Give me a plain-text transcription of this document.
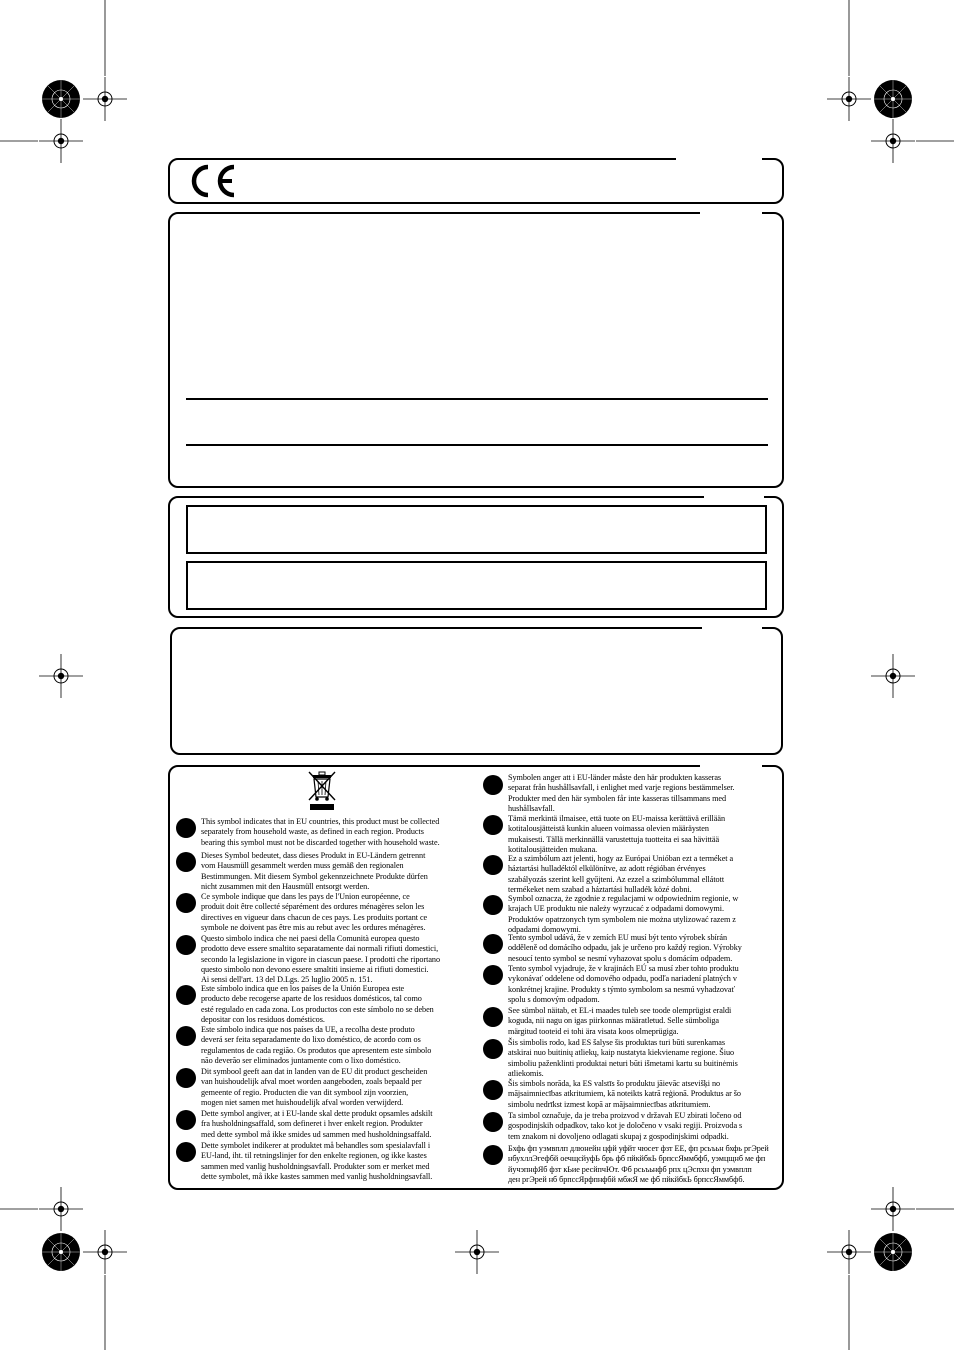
This symbol indicates that in EU countries, this product must be collected
separately from household waste, as defined in each region. Products
bearing this symbol must not be discarded together with household waste.
Dieses Symbol bedeutet, dass dieses Produkt in EU-Ländern getrennt
vom Hausmüll gesammelt werden muss gemäß den regionalen
Bestimmungen. Mit diesem Symbol gekennzeichnete Produkte dürfen
nicht zusammen mit den Hausmüll entsorgt werden.
Ce symbole indique que dans les pays de l'Union européenne, ce
produit doit être collecté séparément des ordures ménagères selon les
directives en vigueur dans chacun de ces pays. Les produits portant ce
symbole ne doivent pas être mis au rebut avec les ordures ménagères.
Questo simbolo indica che nei paesi della Comunità europea questo
prodotto deve essere smaltito separatamente dai normali rifiuti domestici,
secondo la legislazione in vigore in ciascun paese. I prodotti che riportano
questo simbolo non devono essere smaltiti insieme ai rifiuti domestici.
Ai sensi dell'art. 13 del D.Lgs. 25 luglio 2005 n. 151.
Este símbolo indica que en los países de la Unión Europea este
producto debe recogerse aparte de los residuos domésticos, tal como
esté regulado en cada zona. Los productos con este símbolo no se deben
depositar con los residuos domésticos.
Este símbolo indica que nos países da UE, a recolha deste produto
deverá ser feita separadamente do lixo doméstico, de acordo com os
regulamentos de cada região. Os produtos que apresentem este símbolo
não deverão ser eliminados juntamente com o lixo doméstico.
Dit symbool geeft aan dat in landen van de EU dit product gescheiden
van huishoudelijk afval moet worden aangeboden, zoals bepaald per
gemeente of regio. Producten die van dit symbool zijn voorzien,
mogen niet samen met huishoudelijk afval worden verwijderd.
Dette symbol angiver, at i EU-lande skal dette produkt opsamles adskilt
fra husholdningsaffald, som defineret i hver enkelt region. Produkter
med dette symbol må ikke smides ud sammen med husholdningsaffald.
Dette symbolet indikerer at produktet må behandles som spesialavfall i
EU-land, iht. til retningslinjer for den enkelte regionen, og ikke kastes
sammen med vanlig husholdningsavfall. Produkter som er merket med
dette symbolet, må ikke kastes sammen med vanlig husholdningsavfall.
Symbolen anger att i EU-länder måste den här produkten kasseras
separat från hushållsavfall, i enlighet med varje regions bestämmelser.
Produkter med den här symbolen får inte kasseras tillsammans med
hushållsavfall.
Tämä merkintä ilmaisee, että tuote on EU-maissa kerättävä erillään
kotitalousjätteistä kunkin alueen voimassa olevien määräysten
mukaisesti. Tällä merkinnällä varustettuja tuotteita ei saa hävittää
kotitalousjätteiden mukana.
Ez a szimbólum azt jelenti, hogy az Európai Unióban ezt a terméket a
háztartási hulladéktól elkülönítve, az adott régióban érvényes
szabályozás szerint kell gyűjteni. Az ezzel a szimbólummal ellátott
termékeket nem szabad a háztartási hulladék közé dobni.
Symbol oznacza, że zgodnie z regulacjami w odpowiednim regionie, w
krajach UE produktu nie należy wyrzucać z odpadami domowymi.
Produktów opatrzonych tym symbolem nie można utylizować razem z
odpadami domowymi.
Tento symbol udává, že v zemích EU musí být tento výrobek sbírán
odděleně od domácího odpadu, jak je určeno pro každý region. Výrobky
nesoucí tento symbol se nesmí vyhazovat spolu s domácím odpadem.
Tento symbol vyjadruje, že v krajinách EÚ sa musí zber tohto produktu
vykonávať oddelene od domového odpadu, podľa nariadení platných v
konkrétnej krajine. Produkty s týmto symbolom sa nesmú vyhadzovať
spolu s domovým odpadom.
See sümbol näitab, et EL-i maades tuleb see toode olemprügist eraldi
koguda, nii nagu on igas piirkonnas määratletud. Selle sümboliga
märgitud tooteid ei tohi ära visata koos olmeprügiga.
Šis simbolis rodo, kad ES šalyse šis produktas turi būti surenkamas
atskirai nuo buitinių atliekų, kaip nustatyta kiekviename regione. Šiuo
simboliu paženklinti produktai neturi būti išmetami kartu su buitinėmis
atliekomis.
Šis simbols norāda, ka ES valstīs šo produktu jāievāc atsevišķi no
mājsaimniecības atkritumiem, kā noteikts katrā reģionā. Produktus ar šo
simbolu nedrīkst izmest kopā ar mājsaimniecības atkritumiem.
Ta simbol označuje, da je treba proizvod v državah EU zbirati ločeno od
gospodinjskih odpadkov, tako kot je določeno v vsaki regiji. Proizvoda s
tem znakom ni dovoljeno odlagati skupaj z gospodinjskimi odpadki.
Бхфь фп уэмвплп длюнейн цфй уфйт чюсет фзт ЕЕ, фп рсьъьн бхфь ргЭрей
нбухллЭгефбй оечщсйуфЬ брь фб пйкйбкЬ брпссЯммбфб, уэмцщнб ме фп
йучэпнфЯб фзт кЬие ресйпчЮт. Фб рсьъьнфб рпх цЭспхн фп уэмвплп
ден ргЭрей нб брпссЯрфпнфбй мбжЯ ме фб пйкйбкЬ брпссЯммбфб.
